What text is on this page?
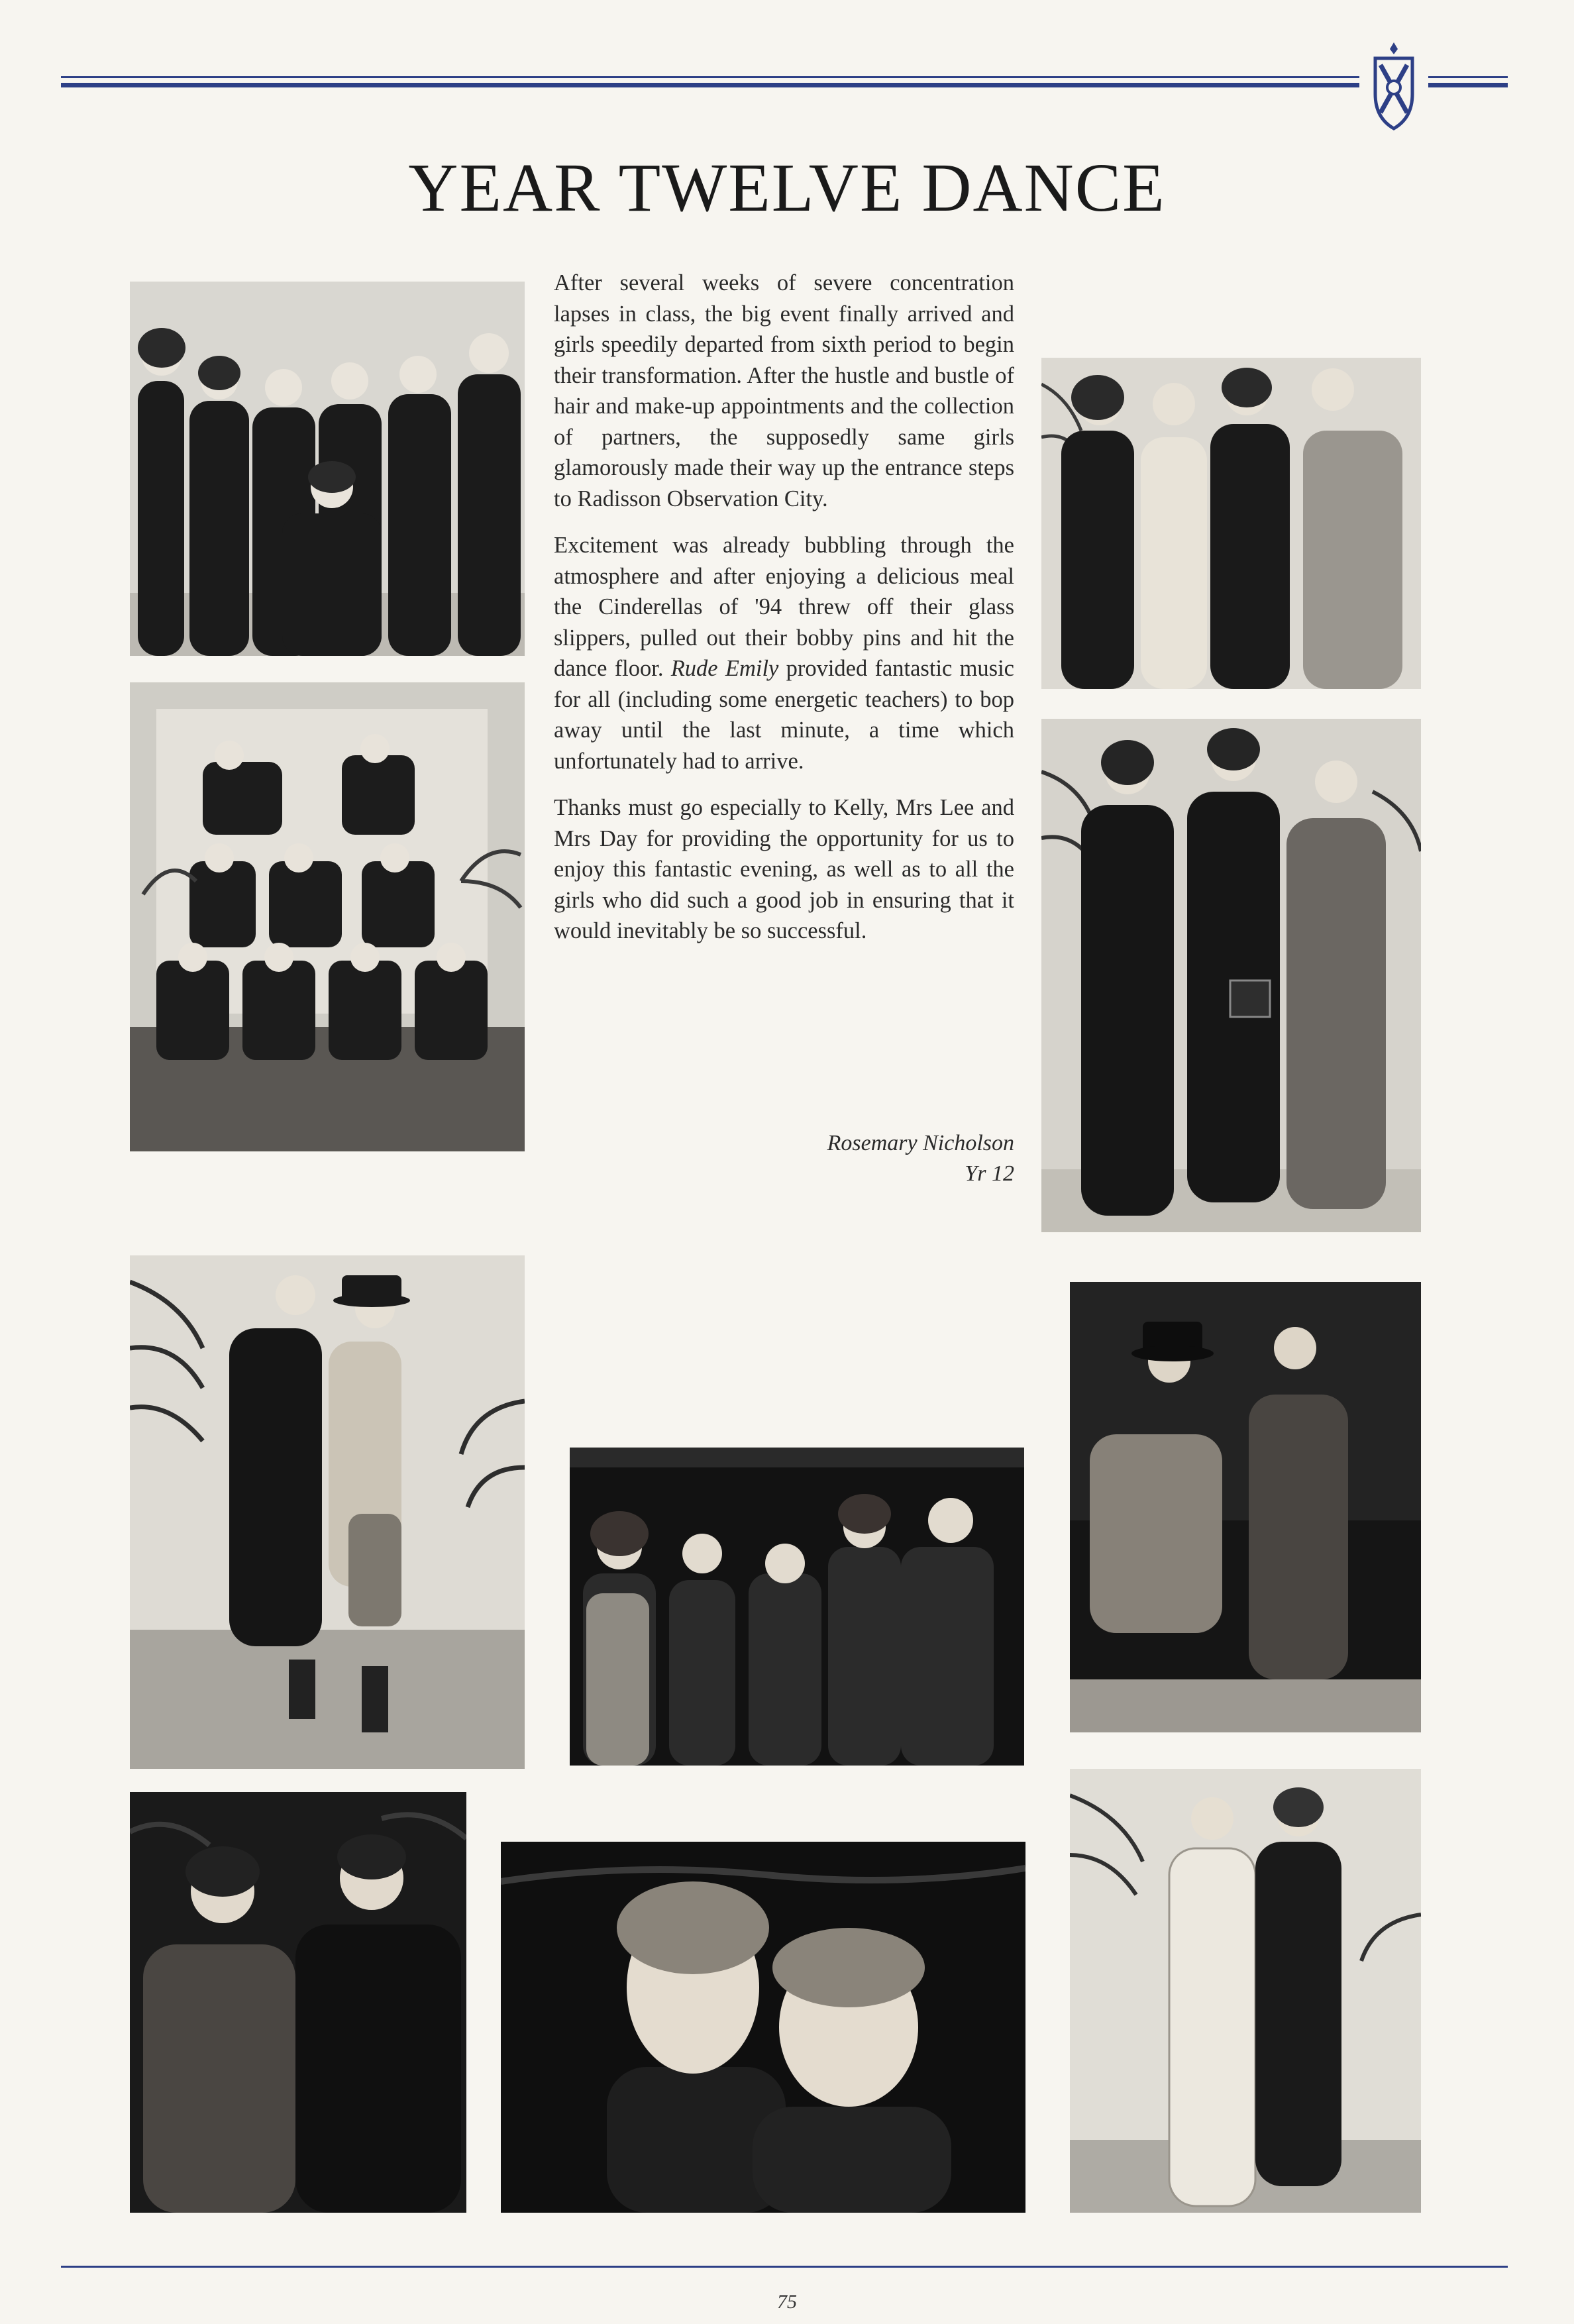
YEAR TWELVE DANCE

After several weeks of severe concentration lapses in class, the big event finally arrived and girls speedily departed from sixth period to begin their transformation. After the hustle and bustle of hair and make-up appointments and the collection of partners, the supposedly same girls glamorously made their way up the entrance steps to Radisson Observation City.

Excitement was already bubbling through the atmosphere and after enjoying a delicious meal the Cinderellas of '94 threw off their glass slippers, pulled out their bobby pins and hit the dance floor. Rude Emily provided fantastic music for all (including some energetic teachers) to bop away until the last minute, a time which unfortunately had to arrive.

Thanks must go especially to Kelly, Mrs Lee and Mrs Day for providing the opportunity for us to enjoy this fantastic evening, as well as to all the girls who did such a good job in ensuring that it would inevitably be so successful.

Rosemary Nicholson
Yr 12
75
